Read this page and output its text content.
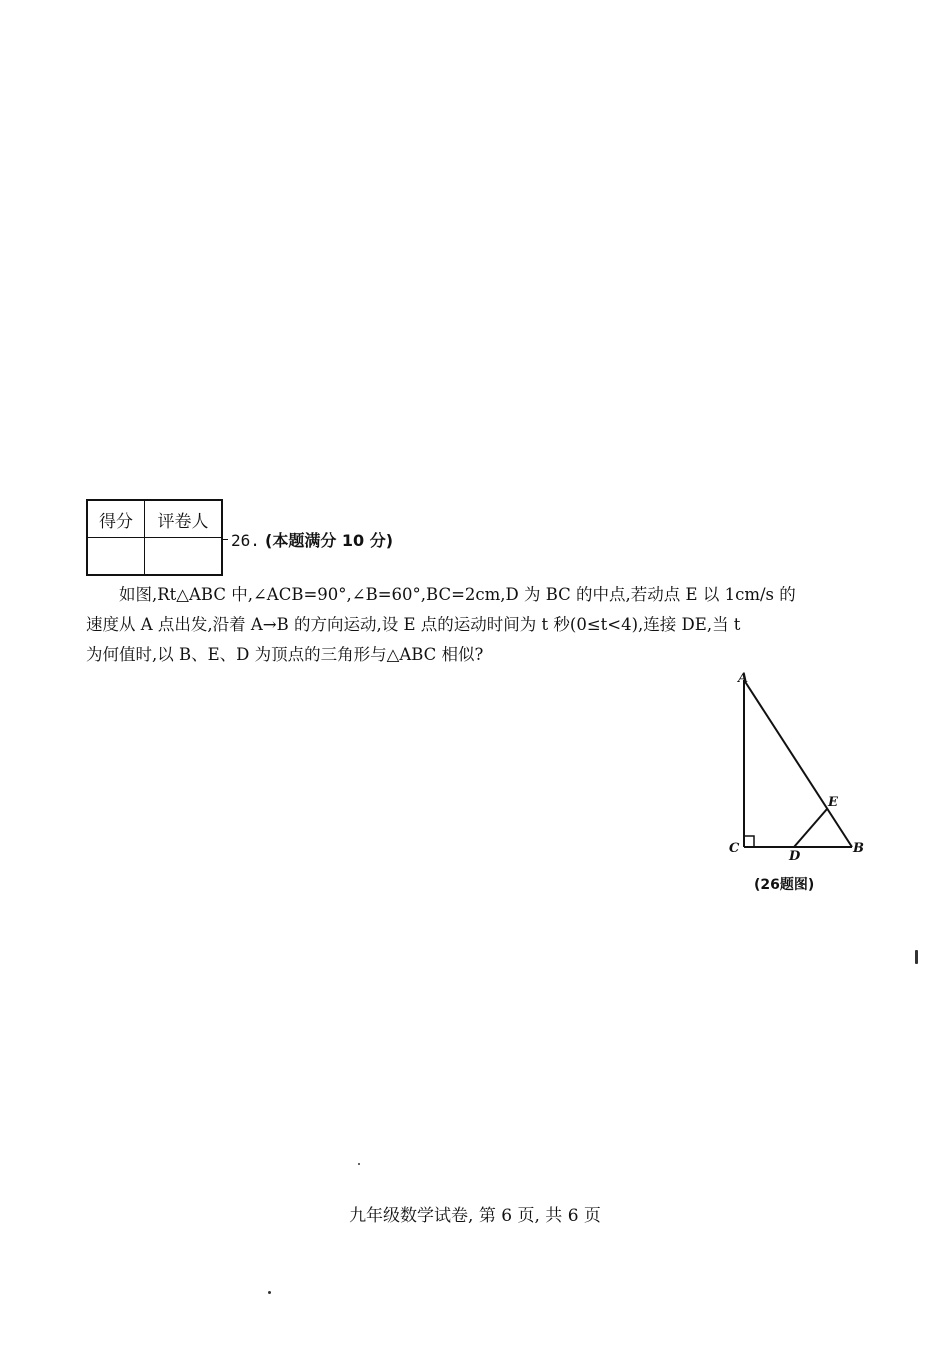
得分	评卷人

26. (本题满分 10 分)
如图,Rt△ABC 中,∠ACB=90°,∠B=60°,BC=2cm,D 为 BC 的中点,若动点 E 以 1cm/s 的
速度从 A 点出发,沿着 A→B 的方向运动,设 E 点的运动时间为 t 秒(0≤t<4),连接 DE,当 t
为何值时,以 B、E、D 为顶点的三角形与△ABC 相似?
A
C	B
D
E
(26题图)
九年级数学试卷, 第 6 页, 共 6 页
